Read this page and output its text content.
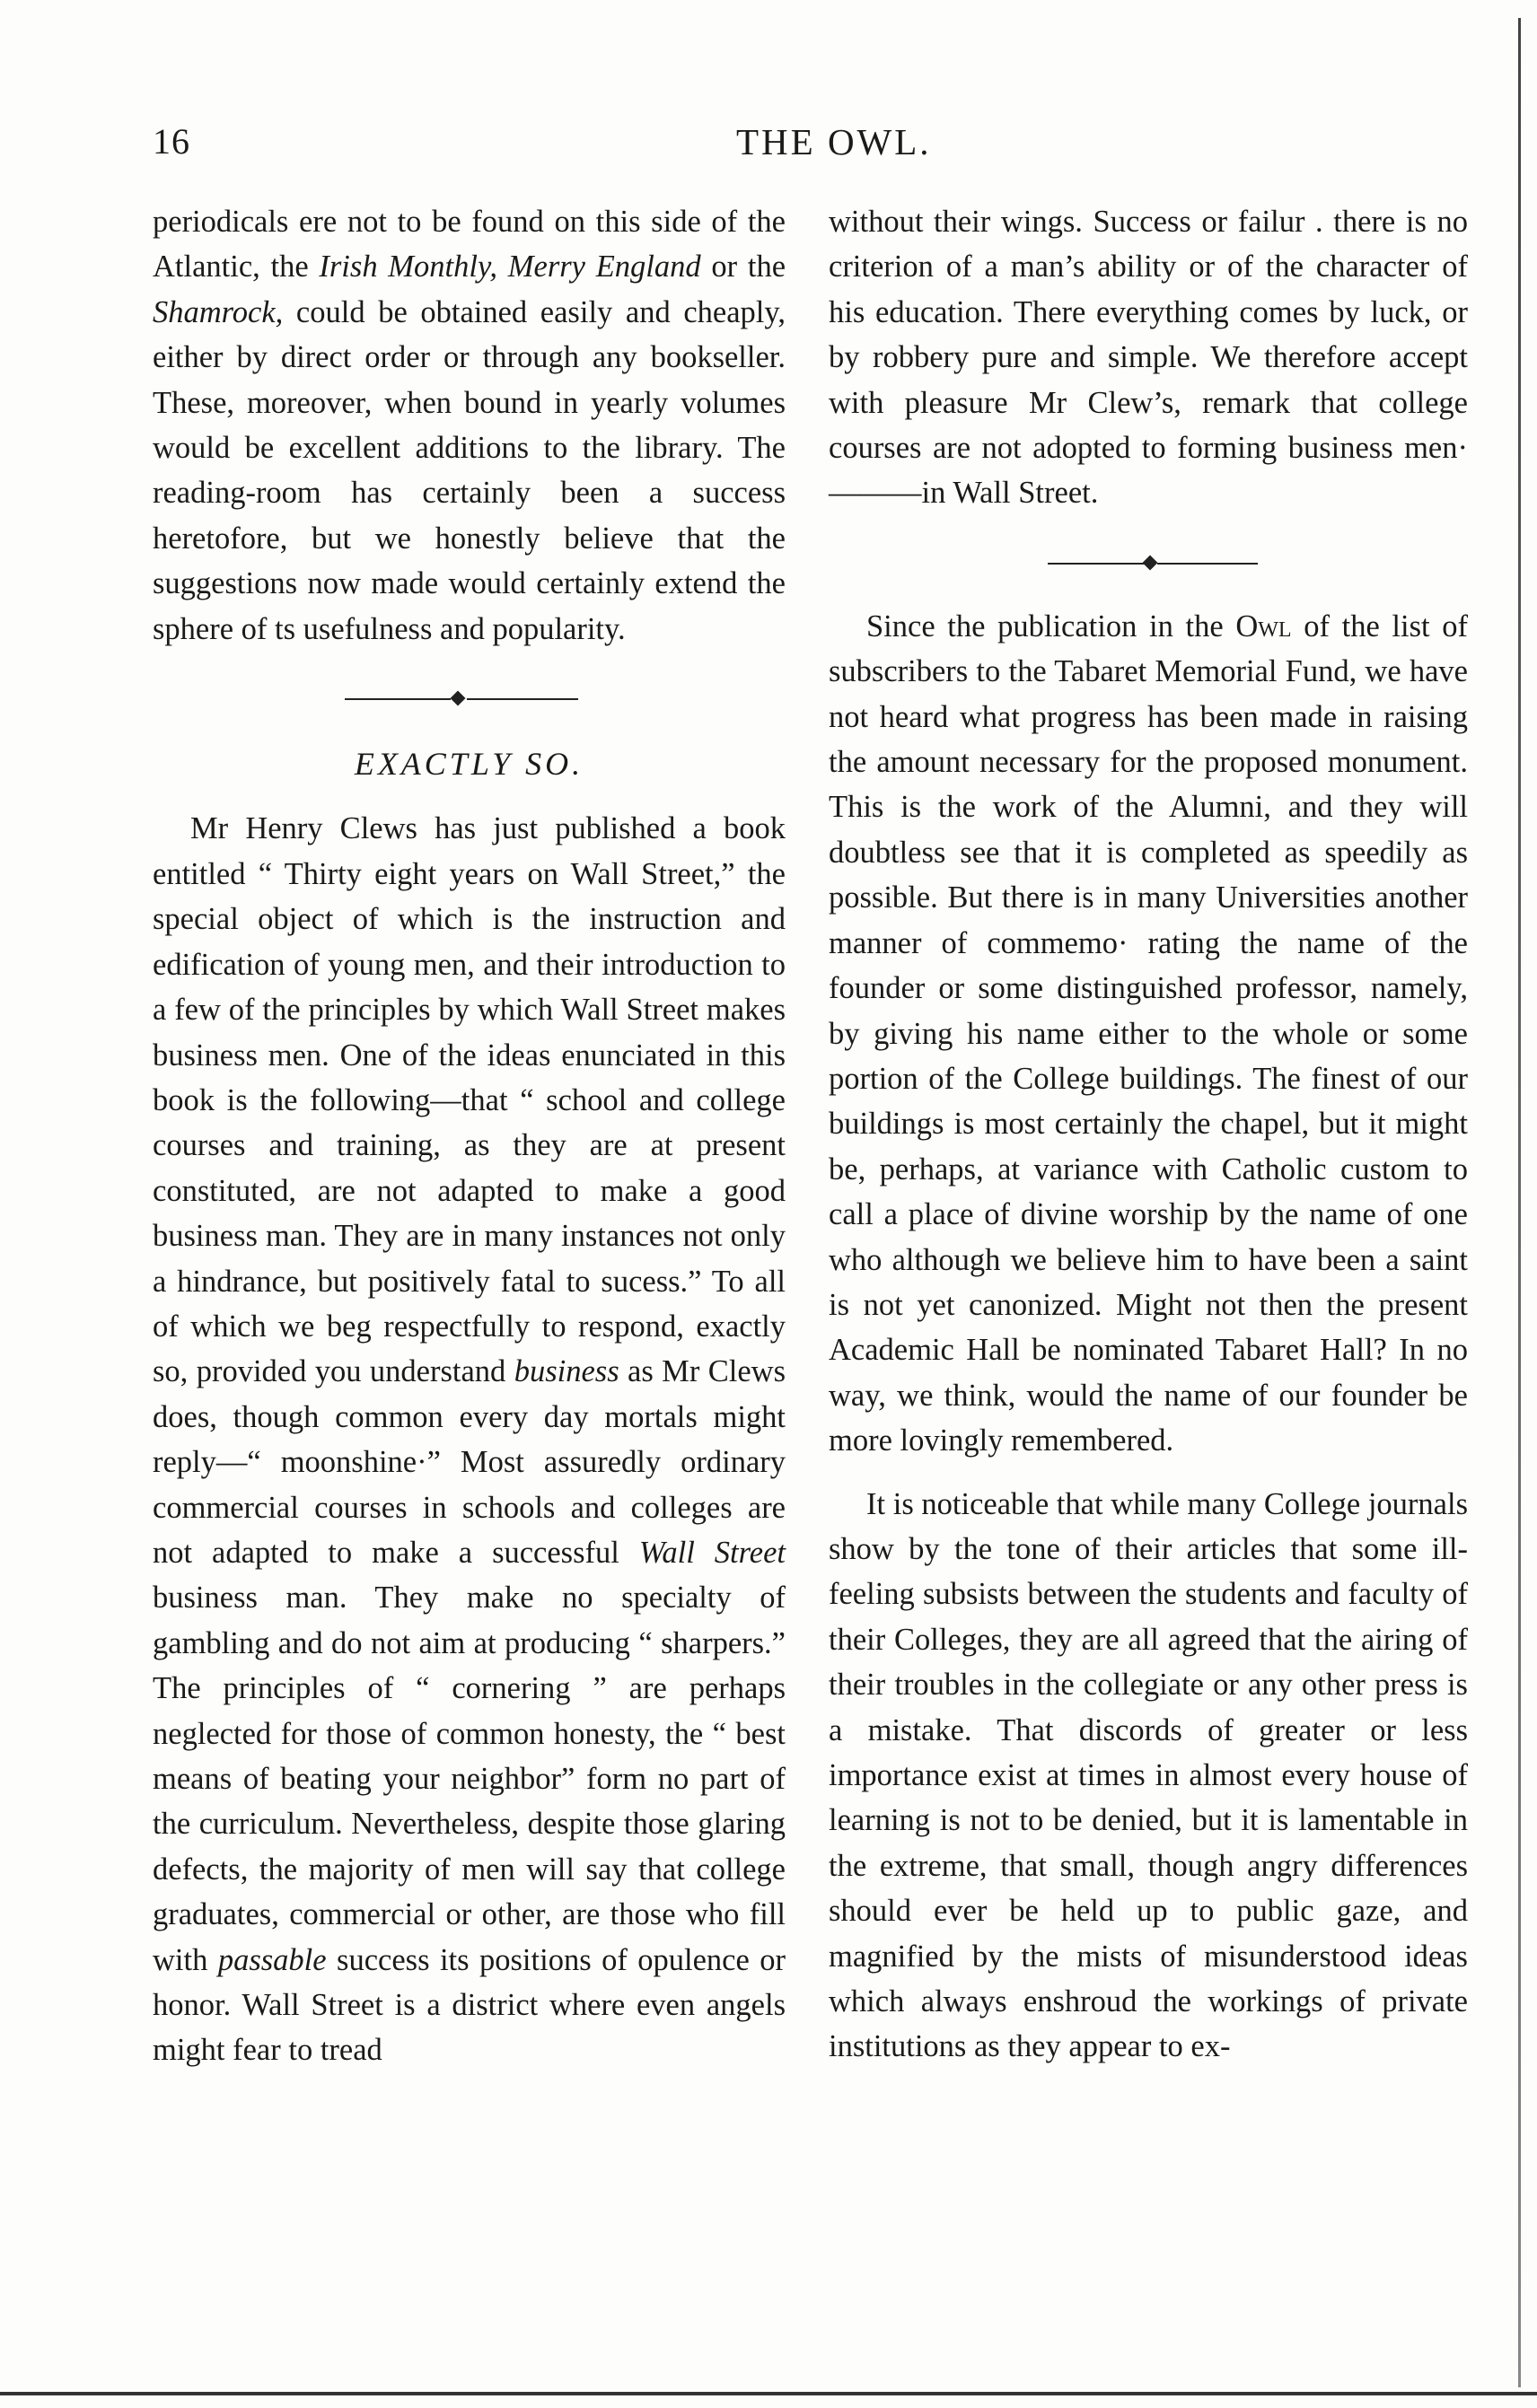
16	THE OWL.

periodicals ere not to be found on this side of the Atlantic, the Irish Monthly, Merry England or the Shamrock, could be obtained easily and cheaply, either by direct order or through any bookseller. These, moreover, when bound in yearly volumes would be excellent additions to the library. The reading-room has certainly been a success heretofore, but we honestly believe that the suggestions now made would certainly extend the sphere of ts usefulness and popularity.

EXACTLY SO.

Mr Henry Clews has just published a book entitled “ Thirty eight years on Wall Street,” the special object of which is the instruction and edification of young men, and their introduction to a few of the principles by which Wall Street makes business men. One of the ideas enunciated in this book is the following—that “ school and college courses and training, as they are at present constituted, are not adapted to make a good business man. They are in many instances not only a hindrance, but positively fatal to sucess.” To all of which we beg respectfully to respond, exactly so, provided you understand business as Mr Clews does, though common every day mortals might reply—“ moonshine·” Most assuredly ordinary commercial courses in schools and colleges are not adapted to make a successful Wall Street business man. They make no specialty of gambling and do not aim at producing “ sharpers.” The principles of “ cornering ” are perhaps neglected for those of common honesty, the “ best means of beating your neighbor” form no part of the curriculum. Nevertheless, despite those glaring defects, the majority of men will say that college graduates, commercial or other, are those who fill with passable success its positions of opulence or honor. Wall Street is a district where even angels might fear to tread

without their wings. Success or failur . there is no criterion of a man’s ability or of the character of his education. There everything comes by luck, or by robbery pure and simple. We therefore accept with pleasure Mr Clew’s, remark that college courses are not adopted to forming business men·———in Wall Street.

Since the publication in the Owl of the list of subscribers to the Tabaret Memorial Fund, we have not heard what progress has been made in raising the amount necessary for the proposed monument. This is the work of the Alumni, and they will doubtless see that it is completed as speedily as possible. But there is in many Universities another manner of commemo· rating the name of the founder or some distinguished professor, namely, by giving his name either to the whole or some portion of the College buildings. The finest of our buildings is most certainly the chapel, but it might be, perhaps, at variance with Catholic custom to call a place of divine worship by the name of one who although we believe him to have been a saint is not yet canonized. Might not then the present Academic Hall be nominated Tabaret Hall? In no way, we think, would the name of our founder be more lovingly remembered.

It is noticeable that while many College journals show by the tone of their articles that some ill-feeling subsists between the students and faculty of their Colleges, they are all agreed that the airing of their troubles in the collegiate or any other press is a mistake. That discords of greater or less importance exist at times in almost every house of learning is not to be denied, but it is lamentable in the extreme, that small, though angry differences should ever be held up to public gaze, and magnified by the mists of misunderstood ideas which always enshroud the workings of private institutions as they appear to ex-
